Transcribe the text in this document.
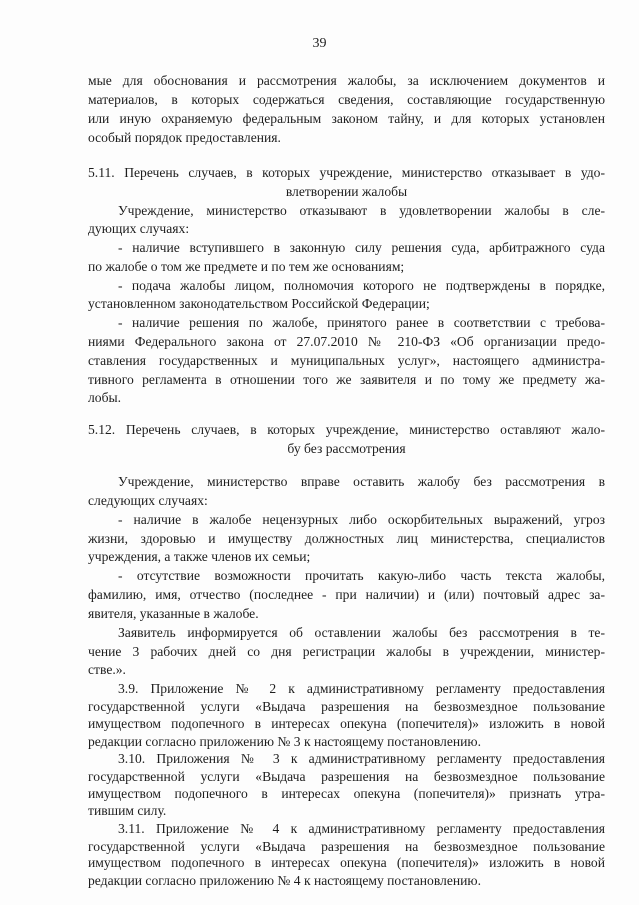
39

мые для обоснования и рассмотрения жалобы, за исключением документов и

материалов, в которых содержаться сведения, составляющие государственную

или иную охраняемую федеральным законом тайну, и для которых установлен

особый порядок предоставления.

5.11. Перечень случаев, в которых учреждение, министерство отказывает в удо-

влетворении жалобы

Учреждение, министерство отказывают в удовлетворении жалобы в сле-

дующих случаях:

- наличие вступившего в законную силу решения суда, арбитражного суда

по жалобе о том же предмете и по тем же основаниям;

- подача жалобы лицом, полномочия которого не подтверждены в порядке,

установленном законодательством Российской Федерации;

- наличие решения по жалобе, принятого ранее в соответствии с требова-

ниями Федерального закона от 27.07.2010 № 210-ФЗ «Об организации предо-

ставления государственных и муниципальных услуг», настоящего администра-

тивного регламента в отношении того же заявителя и по тому же предмету жа-

лобы.

5.12. Перечень случаев, в которых учреждение, министерство оставляют жало-

бу без рассмотрения

Учреждение, министерство вправе оставить жалобу без рассмотрения в

следующих случаях:

- наличие в жалобе нецензурных либо оскорбительных выражений, угроз

жизни, здоровью и имуществу должностных лиц министерства, специалистов

учреждения, а также членов их семьи;

- отсутствие возможности прочитать какую-либо часть текста жалобы,

фамилию, имя, отчество (последнее - при наличии) и (или) почтовый адрес за-

явителя, указанные в жалобе.

Заявитель информируется об оставлении жалобы без рассмотрения в те-

чение 3 рабочих дней со дня регистрации жалобы в учреждении, министер-

стве.».

3.9. Приложение № 2 к административному регламенту предоставления

государственной услуги «Выдача разрешения на безвозмездное пользование

имуществом подопечного в интересах опекуна (попечителя)» изложить в новой

редакции согласно приложению № 3 к настоящему постановлению.

3.10. Приложения № 3 к административному регламенту предоставления

государственной услуги «Выдача разрешения на безвозмездное пользование

имуществом подопечного в интересах опекуна (попечителя)» признать утра-

тившим силу.

3.11. Приложение № 4 к административному регламенту предоставления

государственной услуги «Выдача разрешения на безвозмездное пользование

имуществом подопечного в интересах опекуна (попечителя)» изложить в новой

редакции согласно приложению № 4 к настоящему постановлению.
